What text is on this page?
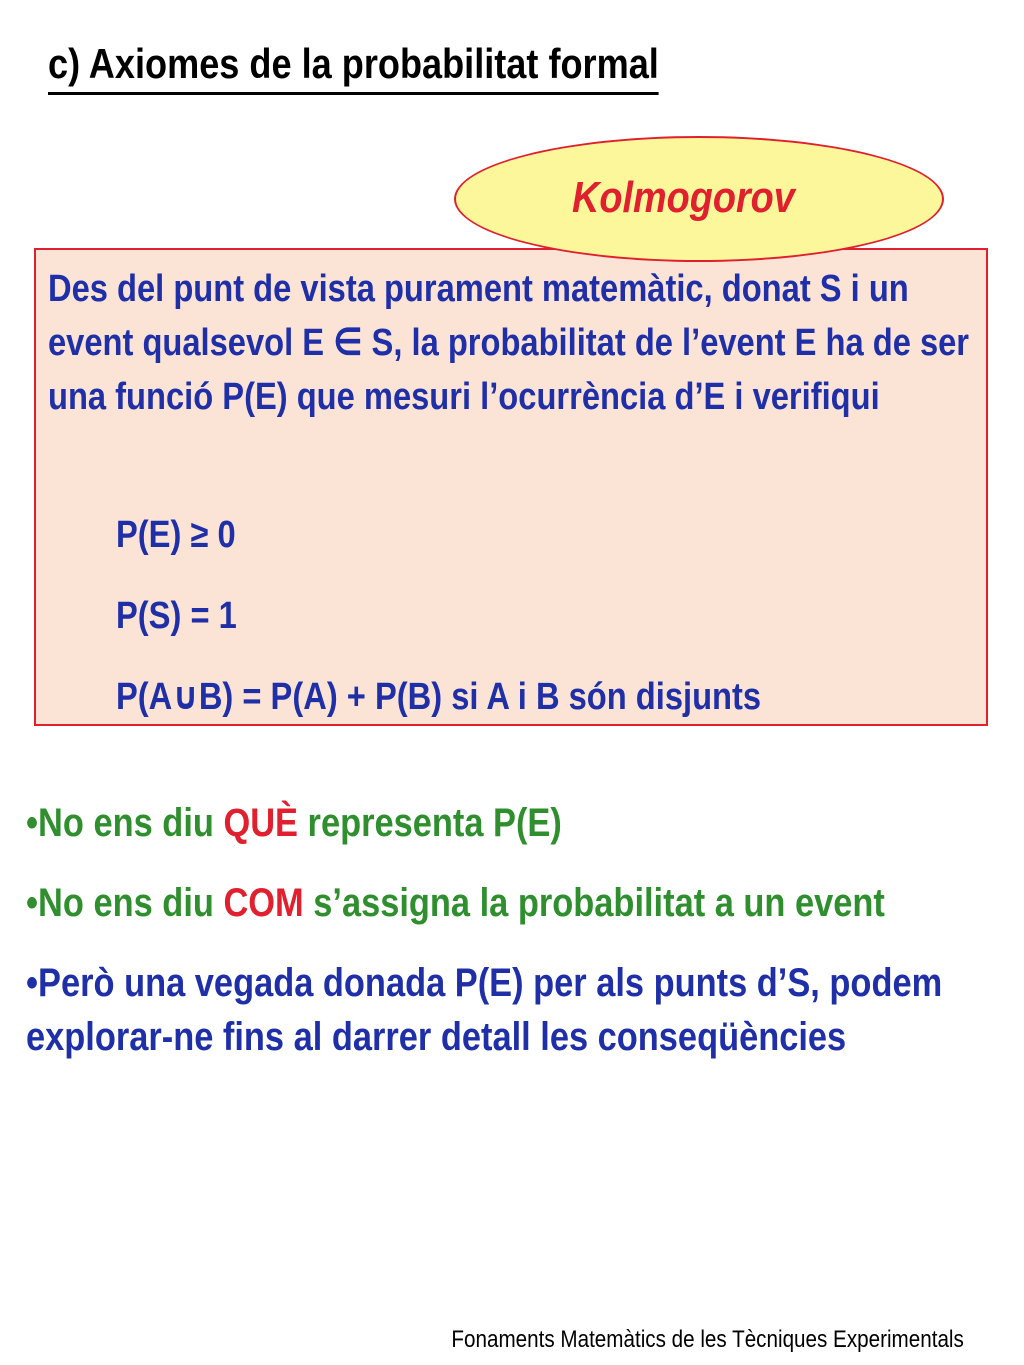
c) Axiomes de la probabilitat formal

Kolmogorov

Des del punt de vista purament matemàtic, donat S i un event qualsevol E ∈ S, la probabilitat de l’event E ha de ser una funció P(E) que mesuri l’ocurrència d’E i verifiqui

P(E) ≥ 0
P(S) = 1
P(A∪B) = P(A) + P(B) si A i B són disjunts
•No ens diu QUÈ representa P(E)
•No ens diu COM s’assigna la probabilitat a un event
•Però una vegada donada P(E) per als punts d’S, podem explorar-ne fins al darrer detall les conseqüències

Fonaments Matemàtics de les Tècniques Experimentals
